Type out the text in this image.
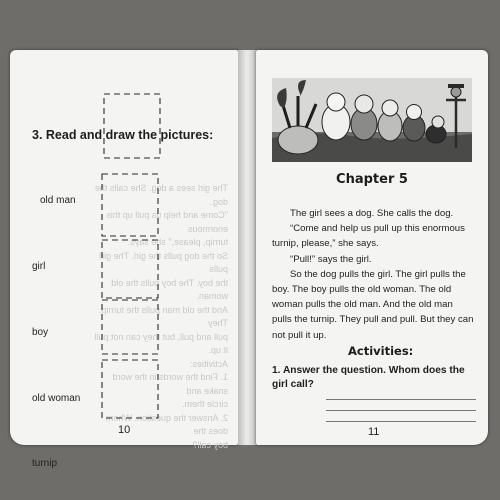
The girl sees a dog. She calls the dog.
"Come and help us pull up this enormous
turnip, please," she says.
So the dog pulls the girl. The girl pulls
the boy. The boy pulls the old woman.
And the old man pulls the turnip. They
pull and pull, but they can not pull it up.
Activities:
1. Find the words in the word snake and
circle them.
2. Answer the question. Whom does the
boy call?
3. Read and draw the pictures:
old man
girl
boy
old woman
turnip
10
Chapter 5

The girl sees a dog. She calls the dog.

“Come and help us pull up this enormous turnip, please,” she says.

“Pull!” says the girl.

So the dog pulls the girl. The girl pulls the boy. The boy pulls the old woman. The old woman pulls the old man. And the old man pulls the turnip. They pull and pull. But they can not pull it up.

Activities:
1. Answer the question. Whom does the girl call?
11
